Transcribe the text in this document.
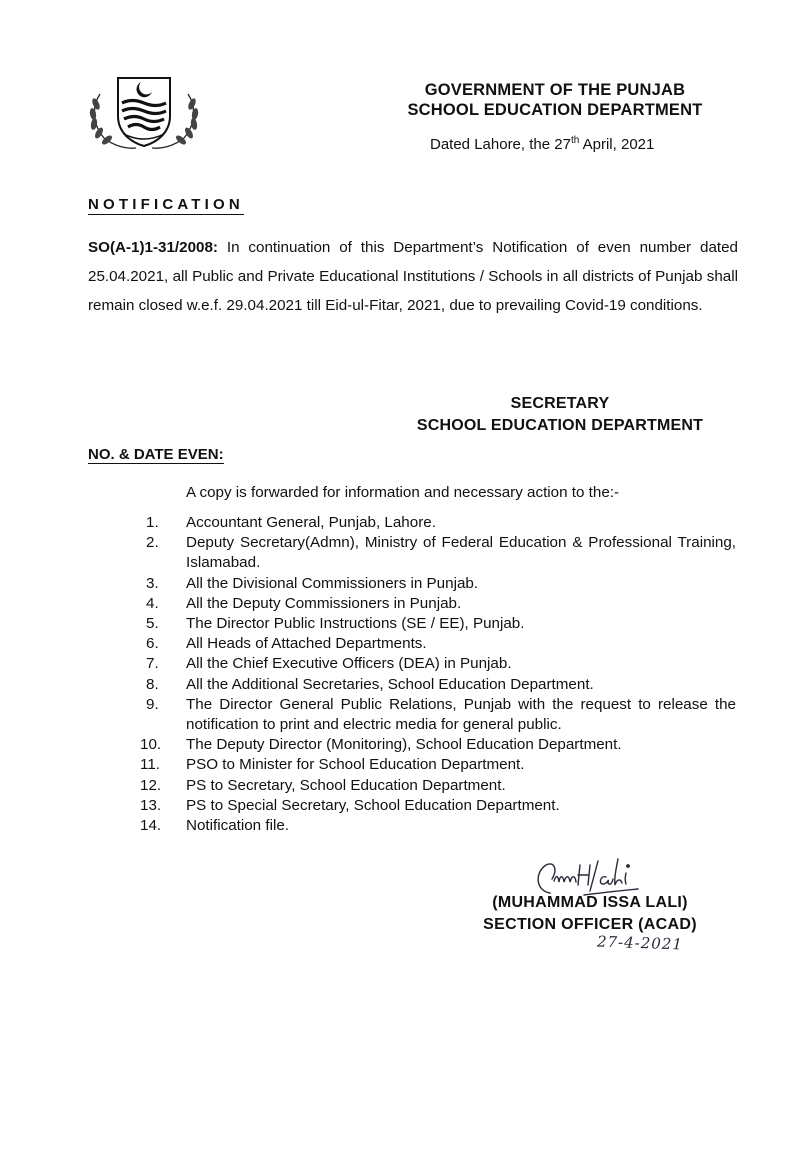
GOVERNMENT OF THE PUNJAB
SCHOOL EDUCATION DEPARTMENT
Dated Lahore, the 27th April, 2021
NOTIFICATION
SO(A-1)1-31/2008: In continuation of this Department’s Notification of even number dated 25.04.2021, all Public and Private Educational Institutions / Schools in all districts of Punjab shall remain closed w.e.f. 29.04.2021 till Eid-ul-Fitar, 2021, due to prevailing Covid-19 conditions.
SECRETARY
SCHOOL EDUCATION DEPARTMENT
NO. & DATE EVEN:
A copy is forwarded for information and necessary action to the:-
1. Accountant General, Punjab, Lahore.
2. Deputy Secretary(Admn), Ministry of Federal Education & Professional Training, Islamabad.
3. All the Divisional Commissioners in Punjab.
4. All the Deputy Commissioners in Punjab.
5. The Director Public Instructions (SE / EE), Punjab.
6. All Heads of Attached Departments.
7. All the Chief Executive Officers (DEA) in Punjab.
8. All the Additional Secretaries, School Education Department.
9. The Director General Public Relations, Punjab with the request to release the notification to print and electric media for general public.
10. The Deputy Director (Monitoring), School Education Department.
11. PSO to Minister for School Education Department.
12. PS to Secretary, School Education Department.
13. PS to Special Secretary, School Education Department.
14. Notification file.
(MUHAMMAD ISSA LALI)
SECTION OFFICER (ACAD)
27-4-2021
